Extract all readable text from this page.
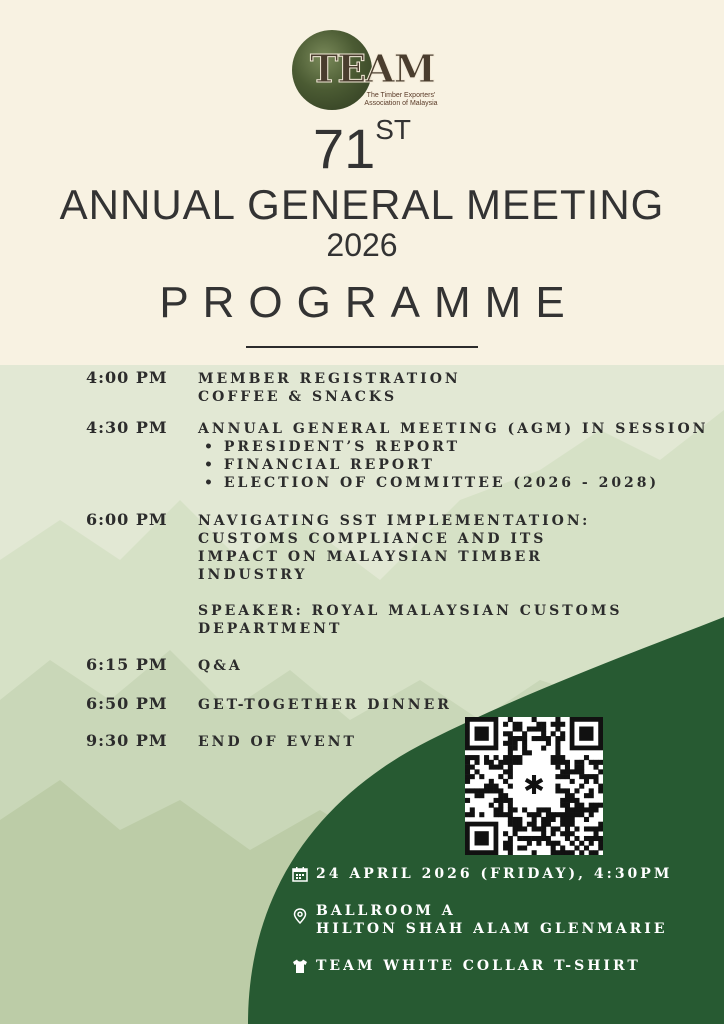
TEAM
The Timber Exporters'
Association of Malaysia
71ST
ANNUAL GENERAL MEETING
2026
PROGRAMME
4:00 PM MEMBER REGISTRATION
COFFEE & SNACKS
4:30 PM ANNUAL GENERAL MEETING (AGM) IN SESSION
• PRESIDENT’S REPORT
• FINANCIAL REPORT
• ELECTION OF COMMITTEE (2026 - 2028)
6:00 PM NAVIGATING SST IMPLEMENTATION:
CUSTOMS COMPLIANCE AND ITS
IMPACT ON MALAYSIAN TIMBER
INDUSTRY
SPEAKER: ROYAL MALAYSIAN CUSTOMS
DEPARTMENT
6:15 PM Q&A
6:50 PM GET-TOGETHER DINNER
9:30 PM END OF EVENT
✱
24 APRIL 2026 (FRIDAY), 4:30PM
BALLROOM A
HILTON SHAH ALAM GLENMARIE
TEAM WHITE COLLAR T-SHIRT
